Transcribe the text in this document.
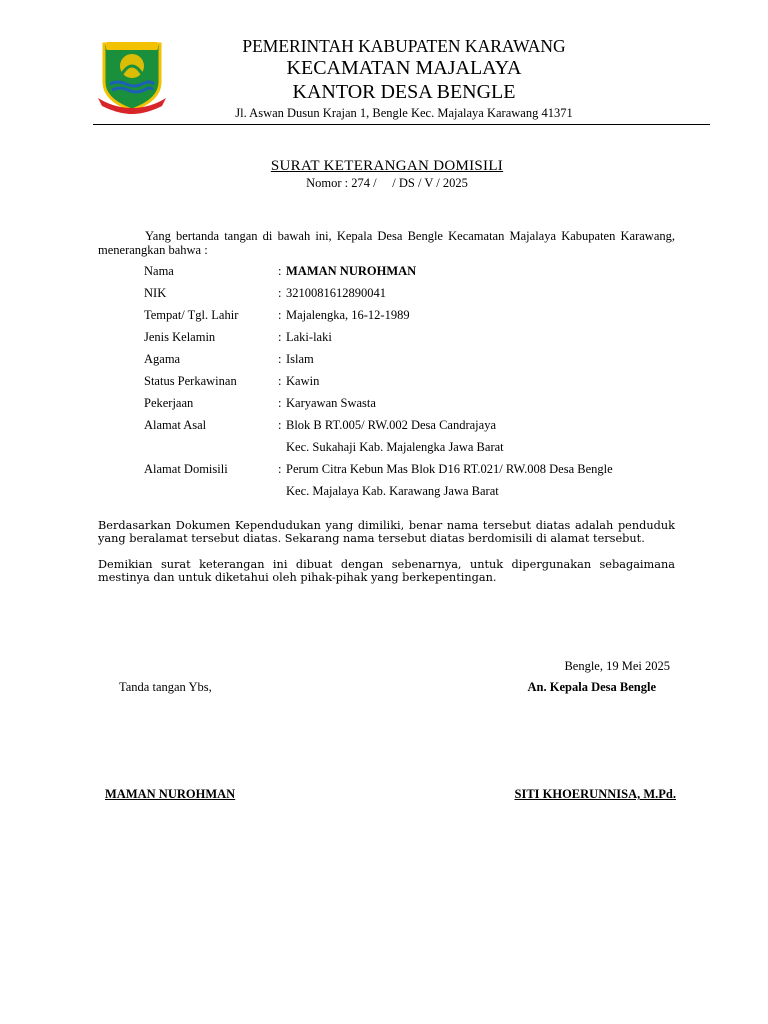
PEMERINTAH KABUPATEN KARAWANG
KECAMATAN MAJALAYA
KANTOR DESA BENGLE
Jl. Aswan Dusun Krajan 1, Bengle Kec. Majalaya Karawang 41371
SURAT KETERANGAN DOMISILI
Nomor : 274 /     / DS / V / 2025
Yang bertanda tangan di bawah ini, Kepala Desa Bengle Kecamatan Majalaya Kabupaten Karawang, menerangkan bahwa :
Nama	: MAMAN NUROHMAN
NIK	: 3210081612890041
Tempat/ Tgl. Lahir	: Majalengka, 16-12-1989
Jenis Kelamin	: Laki-laki
Agama	: Islam
Status Perkawinan	: Kawin
Pekerjaan	: Karyawan Swasta
Alamat Asal	: Blok B RT.005/ RW.002 Desa Candrajaya
Kec. Sukahaji Kab. Majalengka Jawa Barat
Alamat Domisili	: Perum Citra Kebun Mas Blok D16 RT.021/ RW.008 Desa Bengle
Kec. Majalaya Kab. Karawang Jawa Barat
Berdasarkan Dokumen Kependudukan yang dimiliki, benar nama tersebut diatas adalah penduduk yang beralamat tersebut diatas. Sekarang nama tersebut diatas berdomisili di alamat tersebut.
Demikian surat keterangan ini dibuat dengan sebenarnya, untuk dipergunakan sebagaimana mestinya dan untuk diketahui oleh pihak-pihak yang berkepentingan.
Bengle, 19 Mei 2025
Tanda tangan Ybs,	An. Kepala Desa Bengle
MAMAN NUROHMAN	SITI KHOERUNNISA, M.Pd.
